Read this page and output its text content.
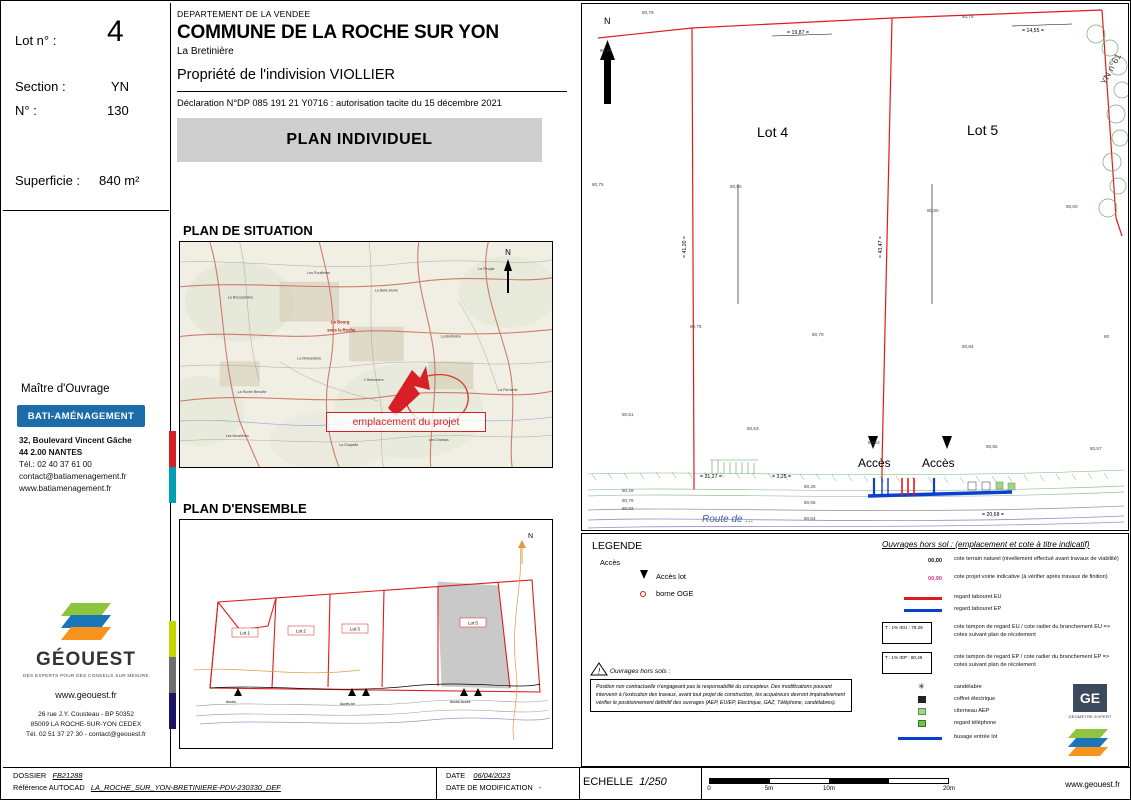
Lot n° : 4
Section :	YN
N° :	130
Superficie : 840 m²
Maître d'Ouvrage
BATI-AMÉNAGEMENT
32, Boulevard Vincent Gâche
44 2.00 NANTES
Tél.: 02 40 37 61 00
contact@batiamenagement.fr
www.batiamenagement.fr
GÉOUEST
DES EXPERTS POUR DES CONSEILS SUR MESURE
www.geouest.fr
26 rue J.Y. Cousteau - BP 50352
85009 LA ROCHE-SUR-YON CEDEX
Tél. 02 51 37 27 30 - contact@geouest.fr
DEPARTEMENT DE LA VENDEE
COMMUNE DE LA ROCHE SUR YON
La Bretinière
Propriété de l'indivision VIOLLIER
Déclaration N°DP 085 191 21 Y0716 : autorisation tacite du 15 décembre 2021
PLAN INDIVIDUEL
PLAN DE SITUATION
PLAN D'ENSEMBLE
La Brossardière
Les Rouillères
La Belle Etoile
Le Peuple
La Moinardière
La Roche Benoîte
L'Herbouère
La Bretinière
La Chapelle
Les Mouillères
La Fermerie
Les Champs
Le Bourg
sous la Roche
N
emplacement du projet
Lot 1	Lot 2	Lot 3
Lot 5
Accès	Accès lot	Accès Accès
N
N
Lot 4	Lot 5
= 19,87 =	= 14,55 =
= 41,20 =	= 43,47 =
= 21,27 =	= 3,25 =
= 20,68 =
YN n°61
Accès	Accès
Route de ...
80,79
80,75
80,76
80,75	80,80
80,80
80,60
80,75
80,79
80,84
80,51
80,53
80,53
80,55	80,57
80,18
80,76
80,82
80,64
80,26
80,65
80
LEGENDE
Accès
Accès lot
borne OGE
! Ouvrages hors sols :
Position non contractuelle n'engageant pas la responsabilité du concepteur. Des modifications pouvant intervenir à l'exécution des travaux, avant tout projet de construction, les acquéreurs devront impérativement vérifier le positionnement définitif des ouvrages (AEP, EU/EP, Electrique, GAZ, Téléphone, candélabres).
Ouvrages hors sol : (emplacement et cote à titre indicatif)
00,00 cote terrain naturel (nivellement effectué avant travaux de viabilité)
00,90 cote projet voirie indicative (à vérifier après travaux de finition)
regard tabouret EU
regard tabouret EP
T : 1% rEU : 79,29	cote tampon de regard EU / cote radier du branchement EU => cotes suivant plan de récolement
T : 1% rEP : 80,49	cote tampon de regard EP / cote radier du branchement EP => cotes suivant plan de récolement
✳	candélabre
coffret électrique
citerneau AEP
regard téléphone
busage entrée lot
GE
GÉOMÈTRE-EXPERT
DOSSIER FB21288
Référence AUTOCAD LA_ROCHE_SUR_YON-BRETINIERE-PDV-230330_DEF
DATE 06/04/2023
DATE DE MODIFICATION -	ECHELLE 1/250
0	5m	10m	20m	www.geouest.fr
